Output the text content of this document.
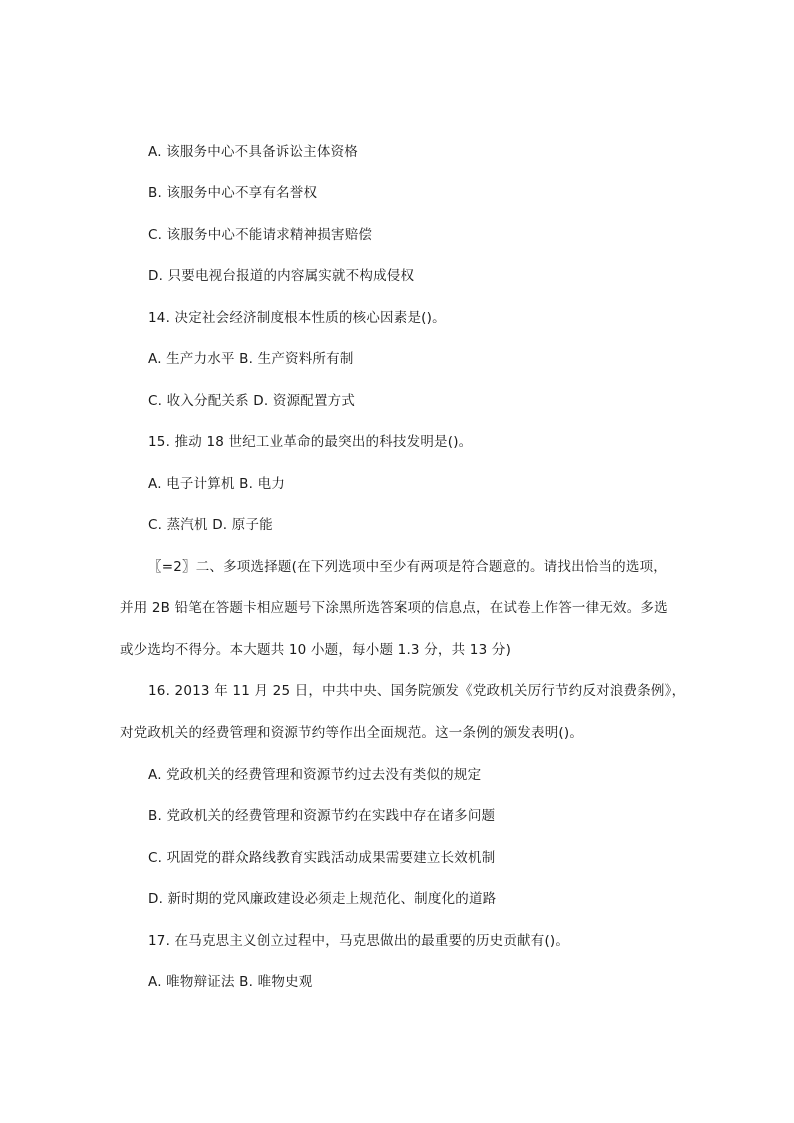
A. 该服务中心不具备诉讼主体资格
B. 该服务中心不享有名誉权
C. 该服务中心不能请求精神损害赔偿
D. 只要电视台报道的内容属实就不构成侵权
14. 决定社会经济制度根本性质的核心因素是()。
A. 生产力水平 B. 生产资料所有制
C. 收入分配关系 D. 资源配置方式
15. 推动 18 世纪工业革命的最突出的科技发明是()。
A. 电子计算机 B. 电力
C. 蒸汽机 D. 原子能
〖=2〗二、多项选择题(在下列选项中至少有两项是符合题意的。请找出恰当的选项，
并用 2B 铅笔在答题卡相应题号下涂黑所选答案项的信息点，在试卷上作答一律无效。多选
或少选均不得分。本大题共 10 小题，每小题 1.3 分，共 13 分)
16. 2013 年 11 月 25 日，中共中央、国务院颁发《党政机关厉行节约反对浪费条例》，
对党政机关的经费管理和资源节约等作出全面规范。这一条例的颁发表明()。
A. 党政机关的经费管理和资源节约过去没有类似的规定
B. 党政机关的经费管理和资源节约在实践中存在诸多问题
C. 巩固党的群众路线教育实践活动成果需要建立长效机制
D. 新时期的党风廉政建设必须走上规范化、制度化的道路
17. 在马克思主义创立过程中，马克思做出的最重要的历史贡献有()。
A. 唯物辩证法 B. 唯物史观
